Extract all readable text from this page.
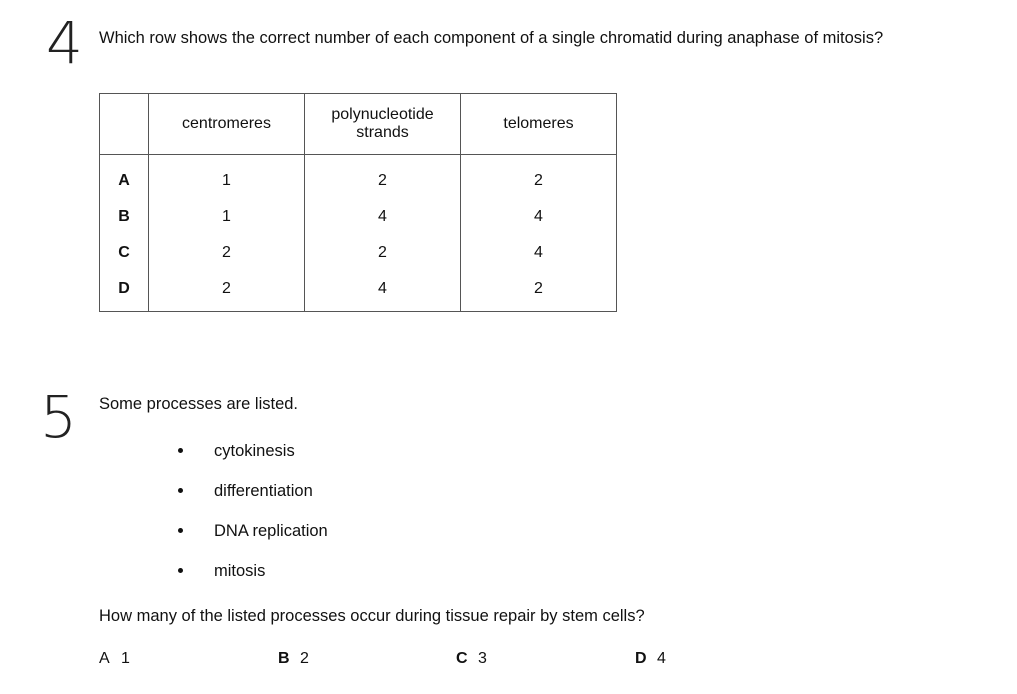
4 Which row shows the correct number of each component of a single chromatid during anaphase of mitosis?
	centromeres	polynucleotide strands	telomeres
A	1	2	2
B	1	4	4
C	2	2	4
D	2	4	2
5 Some processes are listed.
cytokinesis
differentiation
DNA replication
mitosis
How many of the listed processes occur during tissue repair by stem cells?
A 1	B 2	C 3	D 4
